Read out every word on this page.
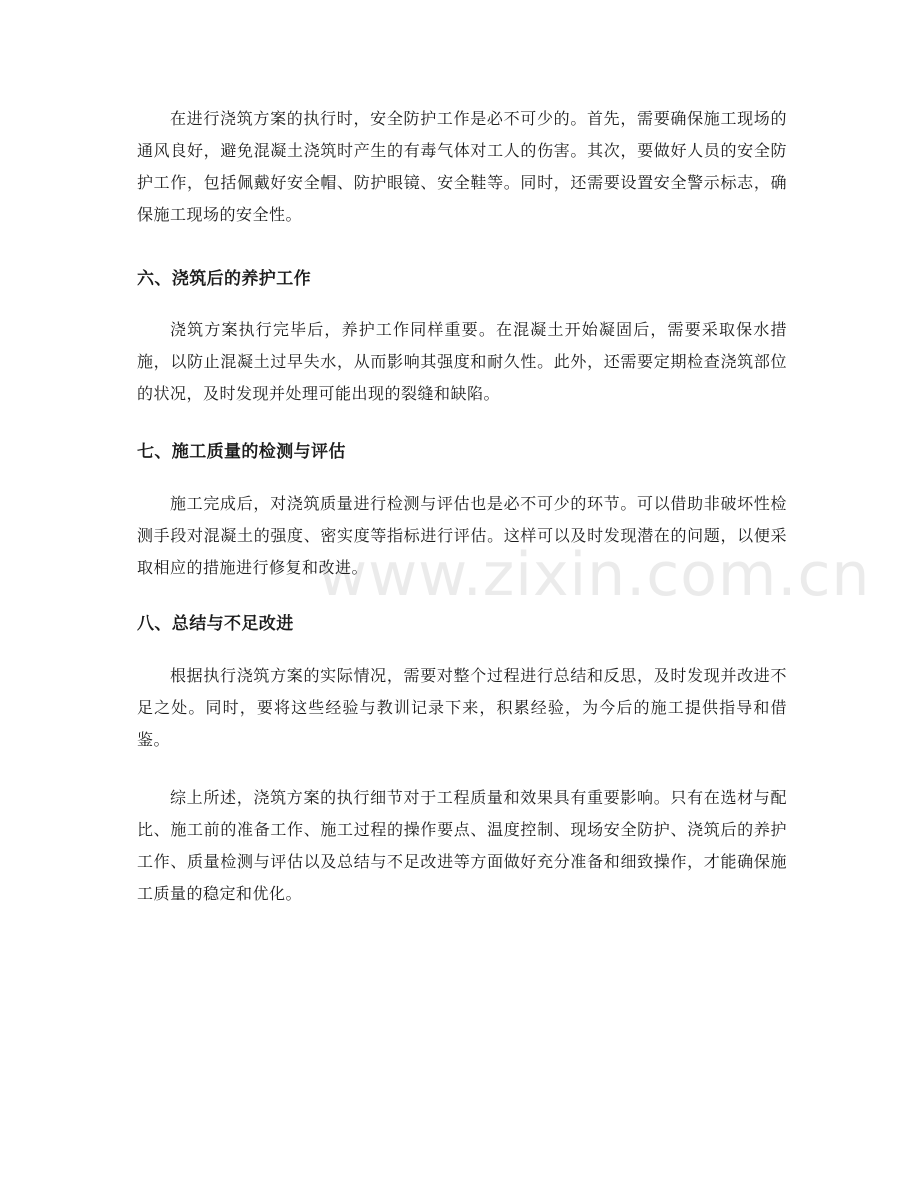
www.zixin.com.cn

在进行浇筑方案的执行时，安全防护工作是必不可少的。首先，需要确保施工现场的通风良好，避免混凝土浇筑时产生的有毒气体对工人的伤害。其次，要做好人员的安全防护工作，包括佩戴好安全帽、防护眼镜、安全鞋等。同时，还需要设置安全警示标志，确保施工现场的安全性。

六、浇筑后的养护工作

浇筑方案执行完毕后，养护工作同样重要。在混凝土开始凝固后，需要采取保水措施，以防止混凝土过早失水，从而影响其强度和耐久性。此外，还需要定期检查浇筑部位的状况，及时发现并处理可能出现的裂缝和缺陷。

七、施工质量的检测与评估

施工完成后，对浇筑质量进行检测与评估也是必不可少的环节。可以借助非破坏性检测手段对混凝土的强度、密实度等指标进行评估。这样可以及时发现潜在的问题，以便采取相应的措施进行修复和改进。

八、总结与不足改进

根据执行浇筑方案的实际情况，需要对整个过程进行总结和反思，及时发现并改进不足之处。同时，要将这些经验与教训记录下来，积累经验，为今后的施工提供指导和借鉴。

综上所述，浇筑方案的执行细节对于工程质量和效果具有重要影响。只有在选材与配比、施工前的准备工作、施工过程的操作要点、温度控制、现场安全防护、浇筑后的养护工作、质量检测与评估以及总结与不足改进等方面做好充分准备和细致操作，才能确保施工质量的稳定和优化。
